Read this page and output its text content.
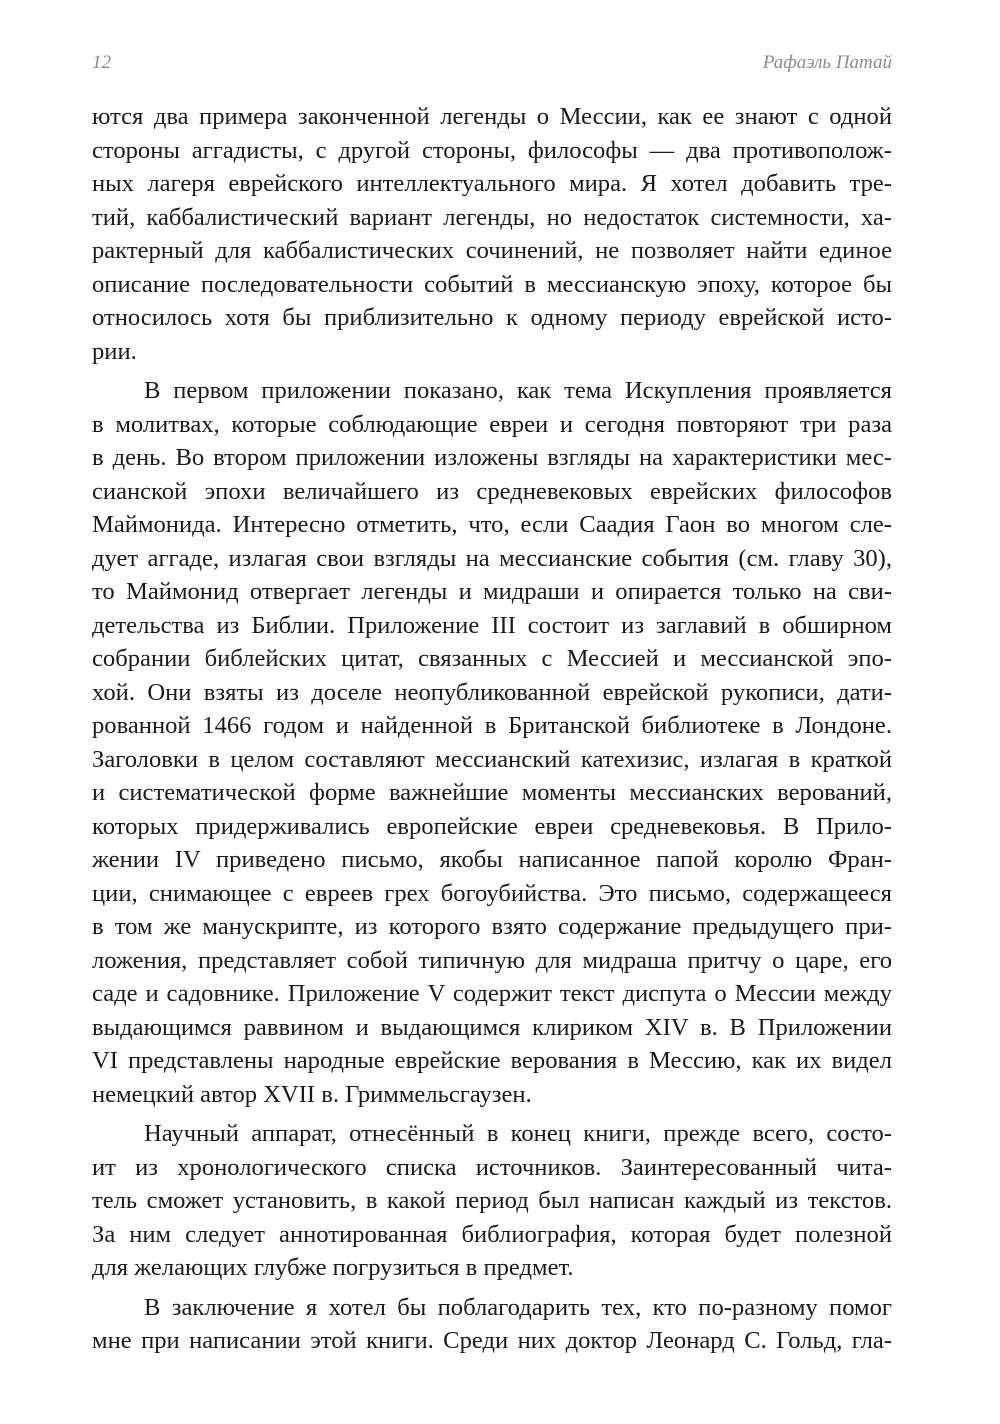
12	Рафаэль Патай

ются два примера законченной легенды о Мессии, как ее знают с одной
стороны аггадисты, с другой стороны, философы — два противополож-
ных лагеря еврейского интеллектуального мира. Я хотел добавить тре-
тий, каббалистический вариант легенды, но недостаток системности, ха-
рактерный для каббалистических сочинений, не позволяет найти единое
описание последовательности событий в мессианскую эпоху, которое бы
относилось хотя бы приблизительно к одному периоду еврейской исто-
рии.

В первом приложении показано, как тема Искупления проявляется
в молитвах, которые соблюдающие евреи и сегодня повторяют три раза
в день. Во втором приложении изложены взгляды на характеристики мес-
сианской эпохи величайшего из средневековых еврейских философов
Маймонида. Интересно отметить, что, если Саадия Гаон во многом сле-
дует аггаде, излагая свои взгляды на мессианские события (см. главу 30),
то Маймонид отвергает легенды и мидраши и опирается только на сви-
детельства из Библии. Приложение III состоит из заглавий в обширном
собрании библейских цитат, связанных с Мессией и мессианской эпо-
хой. Они взяты из доселе неопубликованной еврейской рукописи, дати-
рованной 1466 годом и найденной в Британской библиотеке в Лондоне.
Заголовки в целом составляют мессианский катехизис, излагая в краткой
и систематической форме важнейшие моменты мессианских верований,
которых придерживались европейские евреи средневековья. В Прило-
жении IV приведено письмо, якобы написанное папой королю Фран-
ции, снимающее с евреев грех богоубийства. Это письмо, содержащееся
в том же манускрипте, из которого взято содержание предыдущего при-
ложения, представляет собой типичную для мидраша притчу о царе, его
саде и садовнике. Приложение V содержит текст диспута о Мессии между
выдающимся раввином и выдающимся клириком XIV в. В Приложении
VI представлены народные еврейские верования в Мессию, как их видел
немецкий автор XVII в. Гриммельсгаузен.

Научный аппарат, отнесённый в конец книги, прежде всего, состо-
ит из хронологического списка источников. Заинтересованный чита-
тель сможет установить, в какой период был написан каждый из текстов.
За ним следует аннотированная библиография, которая будет полезной
для желающих глубже погрузиться в предмет.

В заключение я хотел бы поблагодарить тех, кто по-разному помог
мне при написании этой книги. Среди них доктор Леонард С. Гольд, гла-
